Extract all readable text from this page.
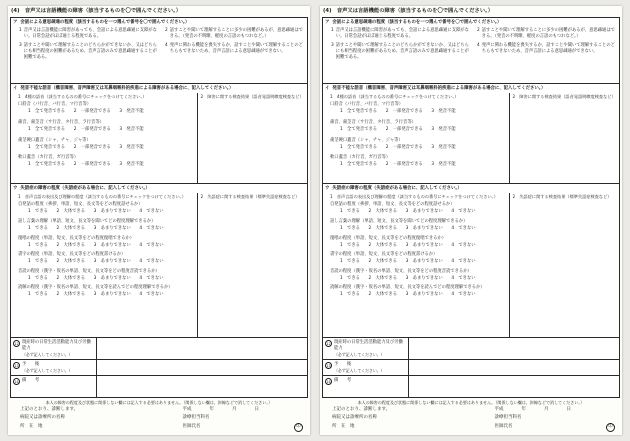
(4)　音声又は言語機能の障害（該当するものを〇で囲んでください。）
ア 会話による意思疎通の程度（該当するものを一つ選んで番号を〇で囲んでください。）
1 音声又は言語機能に障害があっても、会話による意思疎通に支障がない。日常会話がほぼ通じる程度である。
2 話すことや聞いて理解することに多少の困難があるが、意思疎通はできる。（発音の不明瞭、軽度の言語のもつれなど。）
3 話すことや聞いて理解することのどちらかができないか、又はどちらにも相当程度の困難があるため、音声言語のみで意思疎通することが困難である。
4 発声に関わる機能を喪失するか、話すことや聞いて理解することのどちらもできないため、音声言語による意思疎通ができない。
イ 発音不能な語音（構音障害、音声障害又は耳鼻咽喉科的疾患による障害がある場合に、記入してください。）
1　4種の語音（該当するものの番号にチェックをつけてください。）
口唇音（パ行音、バ行音、マ行音等）
1　全て発音できる　　2　一部発音できる　　3　発音不能
歯音、歯茎音（サ行音、タ行音、ラ行音等）
1　全て発音できる　　2　一部発音できる　　3　発音不能
歯茎硬口蓋音（シャ、チャ、ジャ等）
1　全て発音できる　　2　一部発音できる　　3　発音不能
軟口蓋音（カ行音、ガ行音等）
1　全て発音できる　　2　一部発音できる　　3　発音不能
2　障害に関する検査結果（語音発語明瞭度検査など）
ウ 失語症の障害の程度（失語症がある場合に、記入してください。）
1　音声言語の表出及び理解の程度（該当するものの番号にチェックをつけてください。）
自発話の程度（挨拶、単語、短文、長文等をどの程度話せるか）
1　できる　　2　大体できる　　3　あまりできない　　4　できない
話し言葉の理解（単語、短文、長文等を聞いてどの程度理解できるか）
1　できる　　2　大体できる　　3　あまりできない　　4　できない
復唱の程度（単語、短文、長文等をどの程度復唱できるか）
1　できる　　2　大体できる　　3　あまりできない　　4　できない
書字の程度（単語、短文、長文等をどの程度書けるか）
1　できる　　2　大体できる　　3　あまりできない　　4　できない
音読の程度（漢字・仮名の単語、短文、長文等をどの程度音読できるか）
1　できる　　2　大体できる　　3　あまりできない　　4　できない
読解の程度（漢字・仮名の単語、短文、長文等を読んでどの程度理解できるか）
1　できる　　2　大体できる　　3　あまりできない　　4　できない
2　失語症に関する検査結果（標準失語症検査など）
12 現症時の日常生活活動能力及び労働能力
（必ず記入してください。）
13 予　　後
（必ず記入してください。）
14 備　　考
本人の障害の程度及び状態に関係しない欄には記入する必要はありません。（関係しない欄は、斜線などで消してください。）
上記のとおり、診断します。	平成　　　　年　　　　月　　　　日
病院又は診療所の名称	診療担当科名
所　在　地	医師氏名	印
(4)　音声又は言語機能の障害（該当するものを〇で囲んでください。）
ア 会話による意思疎通の程度（該当するものを一つ選んで番号を〇で囲んでください。）
1 音声又は言語機能に障害があっても、会話による意思疎通に支障がない。日常会話がほぼ通じる程度である。
2 話すことや聞いて理解することに多少の困難があるが、意思疎通はできる。（発音の不明瞭、軽度の言語のもつれなど。）
3 話すことや聞いて理解することのどちらかができないか、又はどちらにも相当程度の困難があるため、音声言語のみで意思疎通することが困難である。
4 発声に関わる機能を喪失するか、話すことや聞いて理解することのどちらもできないため、音声言語による意思疎通ができない。
イ 発音不能な語音（構音障害、音声障害又は耳鼻咽喉科的疾患による障害がある場合に、記入してください。）
1　4種の語音（該当するものの番号にチェックをつけてください。）
口唇音（パ行音、バ行音、マ行音等）
1　全て発音できる　　2　一部発音できる　　3　発音不能
歯音、歯茎音（サ行音、タ行音、ラ行音等）
1　全て発音できる　　2　一部発音できる　　3　発音不能
歯茎硬口蓋音（シャ、チャ、ジャ等）
1　全て発音できる　　2　一部発音できる　　3　発音不能
軟口蓋音（カ行音、ガ行音等）
1　全て発音できる　　2　一部発音できる　　3　発音不能
2　障害に関する検査結果（語音発語明瞭度検査など）
ウ 失語症の障害の程度（失語症がある場合に、記入してください。）
1　音声言語の表出及び理解の程度（該当するものの番号にチェックをつけてください。）
自発話の程度（挨拶、単語、短文、長文等をどの程度話せるか）
1　できる　　2　大体できる　　3　あまりできない　　4　できない
話し言葉の理解（単語、短文、長文等を聞いてどの程度理解できるか）
1　できる　　2　大体できる　　3　あまりできない　　4　できない
復唱の程度（単語、短文、長文等をどの程度復唱できるか）
1　できる　　2　大体できる　　3　あまりできない　　4　できない
書字の程度（単語、短文、長文等をどの程度書けるか）
1　できる　　2　大体できる　　3　あまりできない　　4　できない
音読の程度（漢字・仮名の単語、短文、長文等をどの程度音読できるか）
1　できる　　2　大体できる　　3　あまりできない　　4　できない
読解の程度（漢字・仮名の単語、短文、長文等を読んでどの程度理解できるか）
1　できる　　2　大体できる　　3　あまりできない　　4　できない
2　失語症に関する検査結果（標準失語症検査など）
12 現症時の日常生活活動能力及び労働能力
（必ず記入してください。）
13 予　　後
（必ず記入してください。）
14 備　　考
本人の障害の程度及び状態に関係しない欄には記入する必要はありません。（関係しない欄は、斜線などで消してください。）
上記のとおり、診断します。	平成　　　　年　　　　月　　　　日
病院又は診療所の名称	診療担当科名
所　在　地	医師氏名	印
